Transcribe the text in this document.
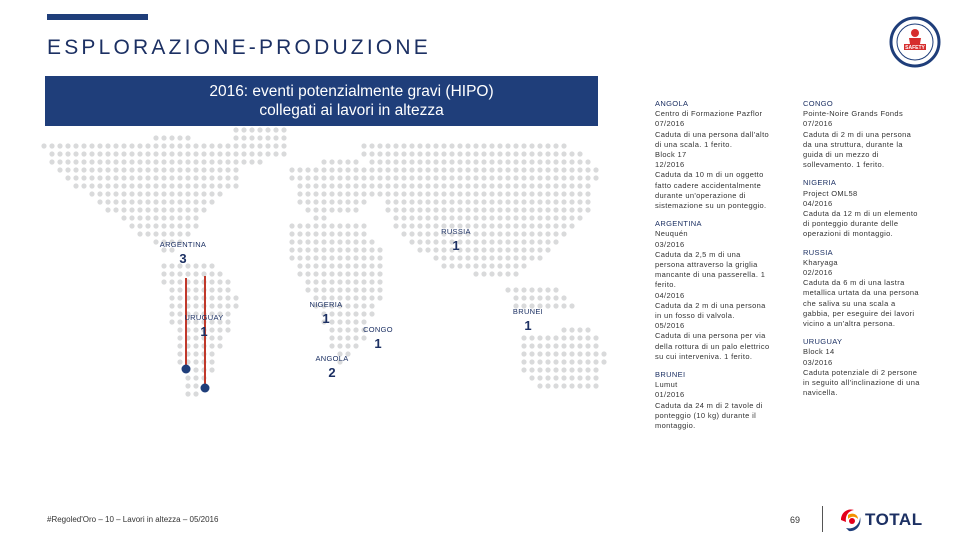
ESPLORAZIONE-PRODUZIONE	SAFETY
2016: eventi potenzialmente gravi (HIPO)
collegati ai lavori in altezza
RUSSIA
1
ARGENTINA
3
URUGUAY
1
NIGERIA
1	BRUNEI
1
CONGO
1
ANGOLA
2
ANGOLA
Centro di Formazione Pazflor
07/2016
Caduta di una persona dall'alto
di una scala. 1 ferito.
Block 17
12/2016
Caduta da 10 m di un oggetto
fatto cadere accidentalmente
durante un'operazione di
sistemazione su un ponteggio.
ARGENTINA
Neuquén
03/2016
Caduta da 2,5 m di una
persona attraverso la griglia
mancante di una passerella. 1
ferito.
04/2016
Caduta da 2 m di una persona
in un fosso di valvola.
05/2016
Caduta di una persona per via
della rottura di un palo elettrico
su cui interveniva. 1 ferito.
BRUNEI
Lumut
01/2016
Caduta da 24 m di 2 tavole di
ponteggio (10 kg) durante il
montaggio.
CONGO
Pointe-Noire Grands Fonds
07/2016
Caduta di 2 m di una persona
da una struttura, durante la
guida di un mezzo di
sollevamento. 1 ferito.
NIGERIA
Project OML58
04/2016
Caduta da 12 m di un elemento
di ponteggio durante delle
operazioni di montaggio.
RUSSIA
Kharyaga
02/2016
Caduta da 6 m di una lastra
metallica urtata da una persona
che saliva su una scala a
gabbia, per eseguire dei lavori
vicino a un'altra persona.
URUGUAY
Block 14
03/2016
Caduta potenziale di 2 persone
in seguito all'inclinazione di una
navicella.
#Regoled'Oro – 10 – Lavori in altezza – 05/2016	69	TOTAL
